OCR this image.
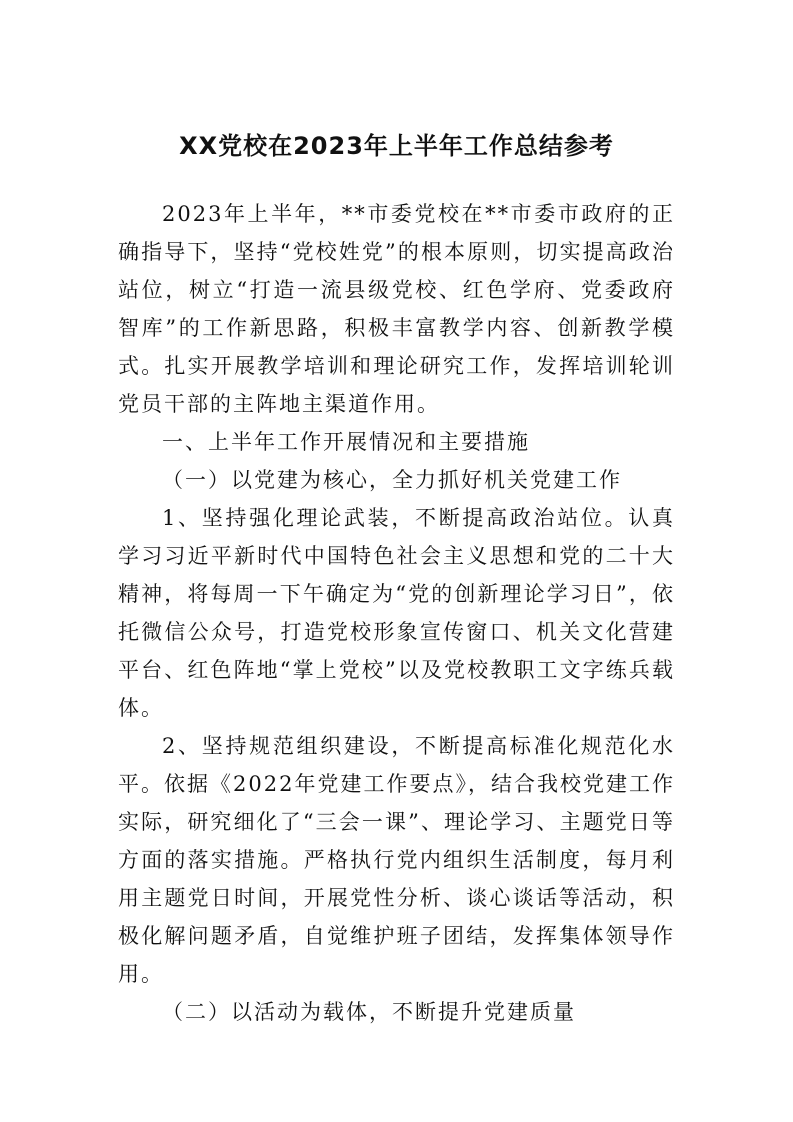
XX党校在2023年上半年工作总结参考

2023年上半年，**市委党校在**市委市政府的正确指导下，坚持“党校姓党”的根本原则，切实提高政治站位，树立“打造一流县级党校、红色学府、党委政府智库”的工作新思路，积极丰富教学内容、创新教学模式。扎实开展教学培训和理论研究工作，发挥培训轮训党员干部的主阵地主渠道作用。

一、上半年工作开展情况和主要措施

（一）以党建为核心，全力抓好机关党建工作

1、坚持强化理论武装，不断提高政治站位。认真学习习近平新时代中国特色社会主义思想和党的二十大精神，将每周一下午确定为“党的创新理论学习日”，依托微信公众号，打造党校形象宣传窗口、机关文化营建平台、红色阵地“掌上党校”以及党校教职工文字练兵载体。

2、坚持规范组织建设，不断提高标准化规范化水平。依据《2022年党建工作要点》，结合我校党建工作实际，研究细化了“三会一课”、理论学习、主题党日等方面的落实措施。严格执行党内组织生活制度，每月利用主题党日时间，开展党性分析、谈心谈话等活动，积极化解问题矛盾，自觉维护班子团结，发挥集体领导作用。

（二）以活动为载体，不断提升党建质量
